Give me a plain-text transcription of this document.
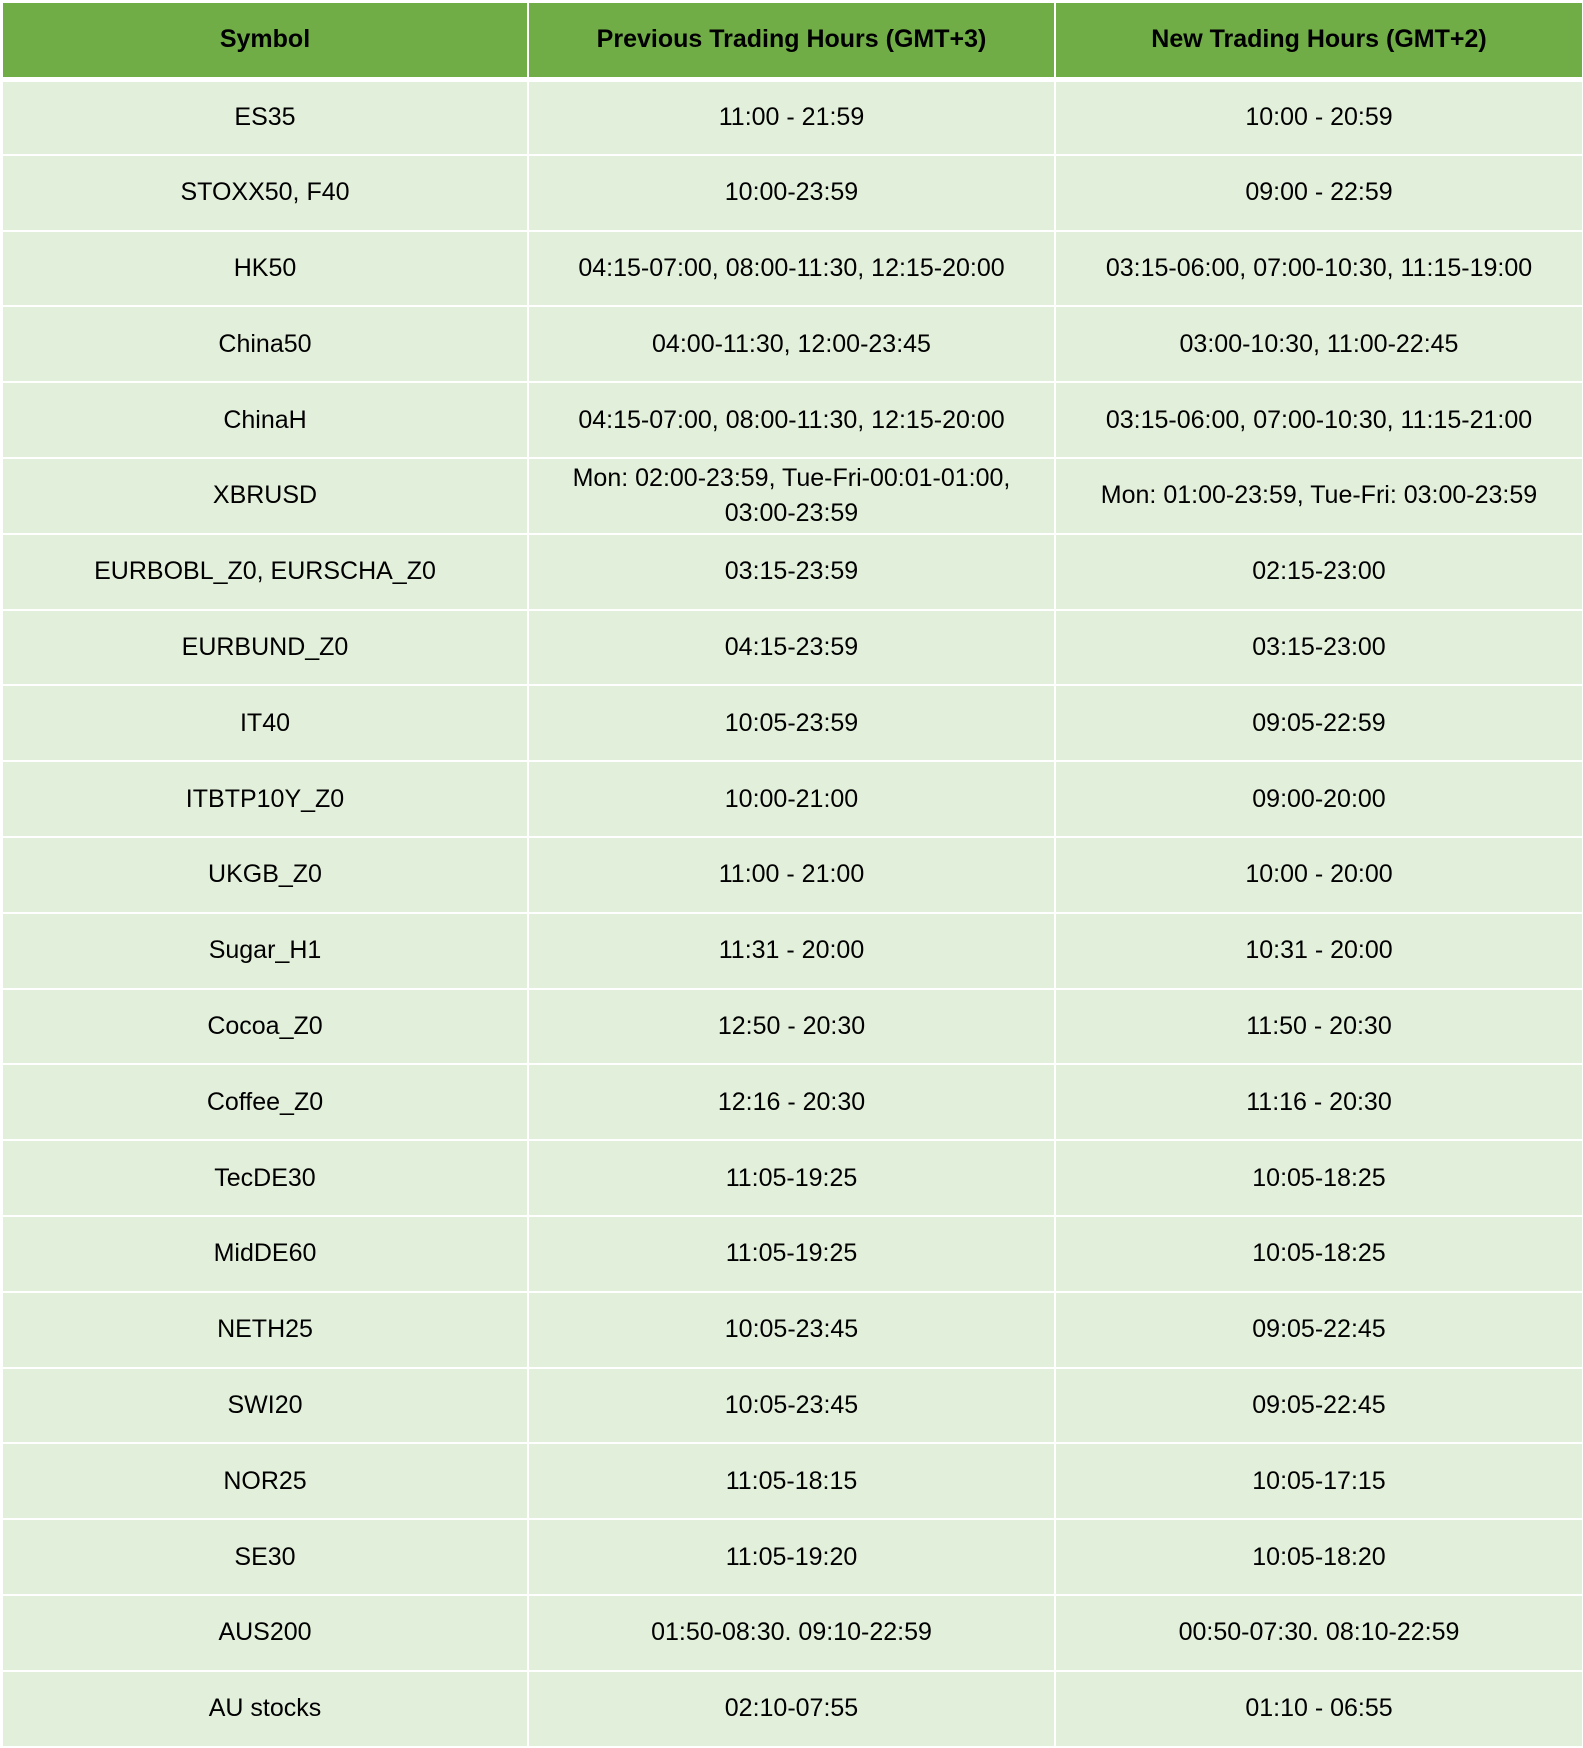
Symbol	Previous Trading Hours (GMT+3)	New Trading Hours (GMT+2)
ES35	11:00 - 21:59	10:00 - 20:59
STOXX50, F40	10:00-23:59	09:00 - 22:59
HK50	04:15-07:00, 08:00-11:30, 12:15-20:00	03:15-06:00, 07:00-10:30, 11:15-19:00
China50	04:00-11:30, 12:00-23:45	03:00-10:30, 11:00-22:45
ChinaH	04:15-07:00, 08:00-11:30, 12:15-20:00	03:15-06:00, 07:00-10:30, 11:15-21:00
XBRUSD	Mon: 02:00-23:59, Tue-Fri-00:01-01:00, 03:00-23:59	Mon: 01:00-23:59, Tue-Fri: 03:00-23:59
EURBOBL_Z0, EURSCHA_Z0	03:15-23:59	02:15-23:00
EURBUND_Z0	04:15-23:59	03:15-23:00
IT40	10:05-23:59	09:05-22:59
ITBTP10Y_Z0	10:00-21:00	09:00-20:00
UKGB_Z0	11:00 - 21:00	10:00 - 20:00
Sugar_H1	11:31 - 20:00	10:31 - 20:00
Cocoa_Z0	12:50 - 20:30	11:50 - 20:30
Coffee_Z0	12:16 - 20:30	11:16 - 20:30
TecDE30	11:05-19:25	10:05-18:25
MidDE60	11:05-19:25	10:05-18:25
NETH25	10:05-23:45	09:05-22:45
SWI20	10:05-23:45	09:05-22:45
NOR25	11:05-18:15	10:05-17:15
SE30	11:05-19:20	10:05-18:20
AUS200	01:50-08:30. 09:10-22:59	00:50-07:30. 08:10-22:59
AU stocks	02:10-07:55	01:10 - 06:55
